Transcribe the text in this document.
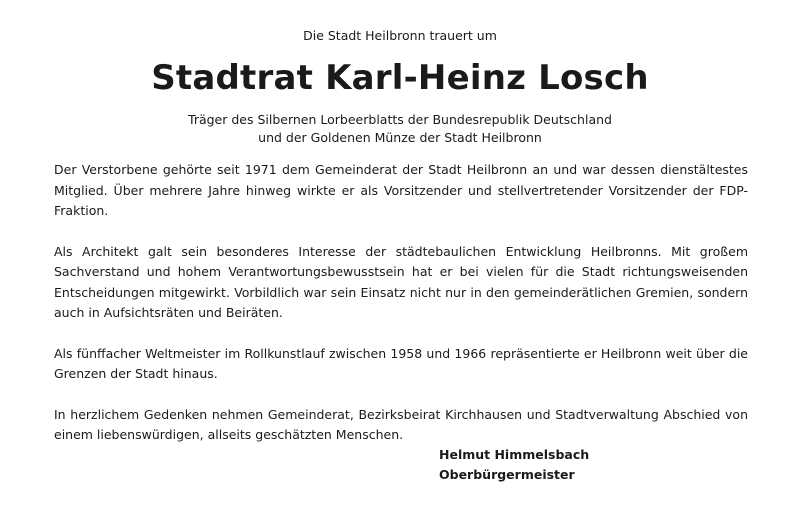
Die Stadt Heilbronn trauert um
Stadtrat Karl-Heinz Losch
Träger des Silbernen Lorbeerblatts der Bundesrepublik Deutschland
und der Goldenen Münze der Stadt Heilbronn

Der Verstorbene gehörte seit 1971 dem Gemeinderat der Stadt Heilbronn an und war dessen dienstältestes Mitglied. Über mehrere Jahre hinweg wirkte er als Vorsitzender und stellvertretender Vorsitzender der FDP-Fraktion.

Als Architekt galt sein besonderes Interesse der städtebaulichen Entwicklung Heilbronns. Mit großem Sachverstand und hohem Verantwortungsbewusstsein hat er bei vielen für die Stadt richtungsweisenden Entscheidungen mitgewirkt. Vorbildlich war sein Einsatz nicht nur in den gemeinderätlichen Gremien, sondern auch in Aufsichtsräten und Beiräten.

Als fünffacher Weltmeister im Rollkunstlauf zwischen 1958 und 1966 repräsentierte er Heilbronn weit über die Grenzen der Stadt hinaus.

In herzlichem Gedenken nehmen Gemeinderat, Bezirksbeirat Kirchhausen und Stadtverwaltung Abschied von einem liebenswürdigen, allseits geschätzten Menschen.

Helmut Himmelsbach
Oberbürgermeister
